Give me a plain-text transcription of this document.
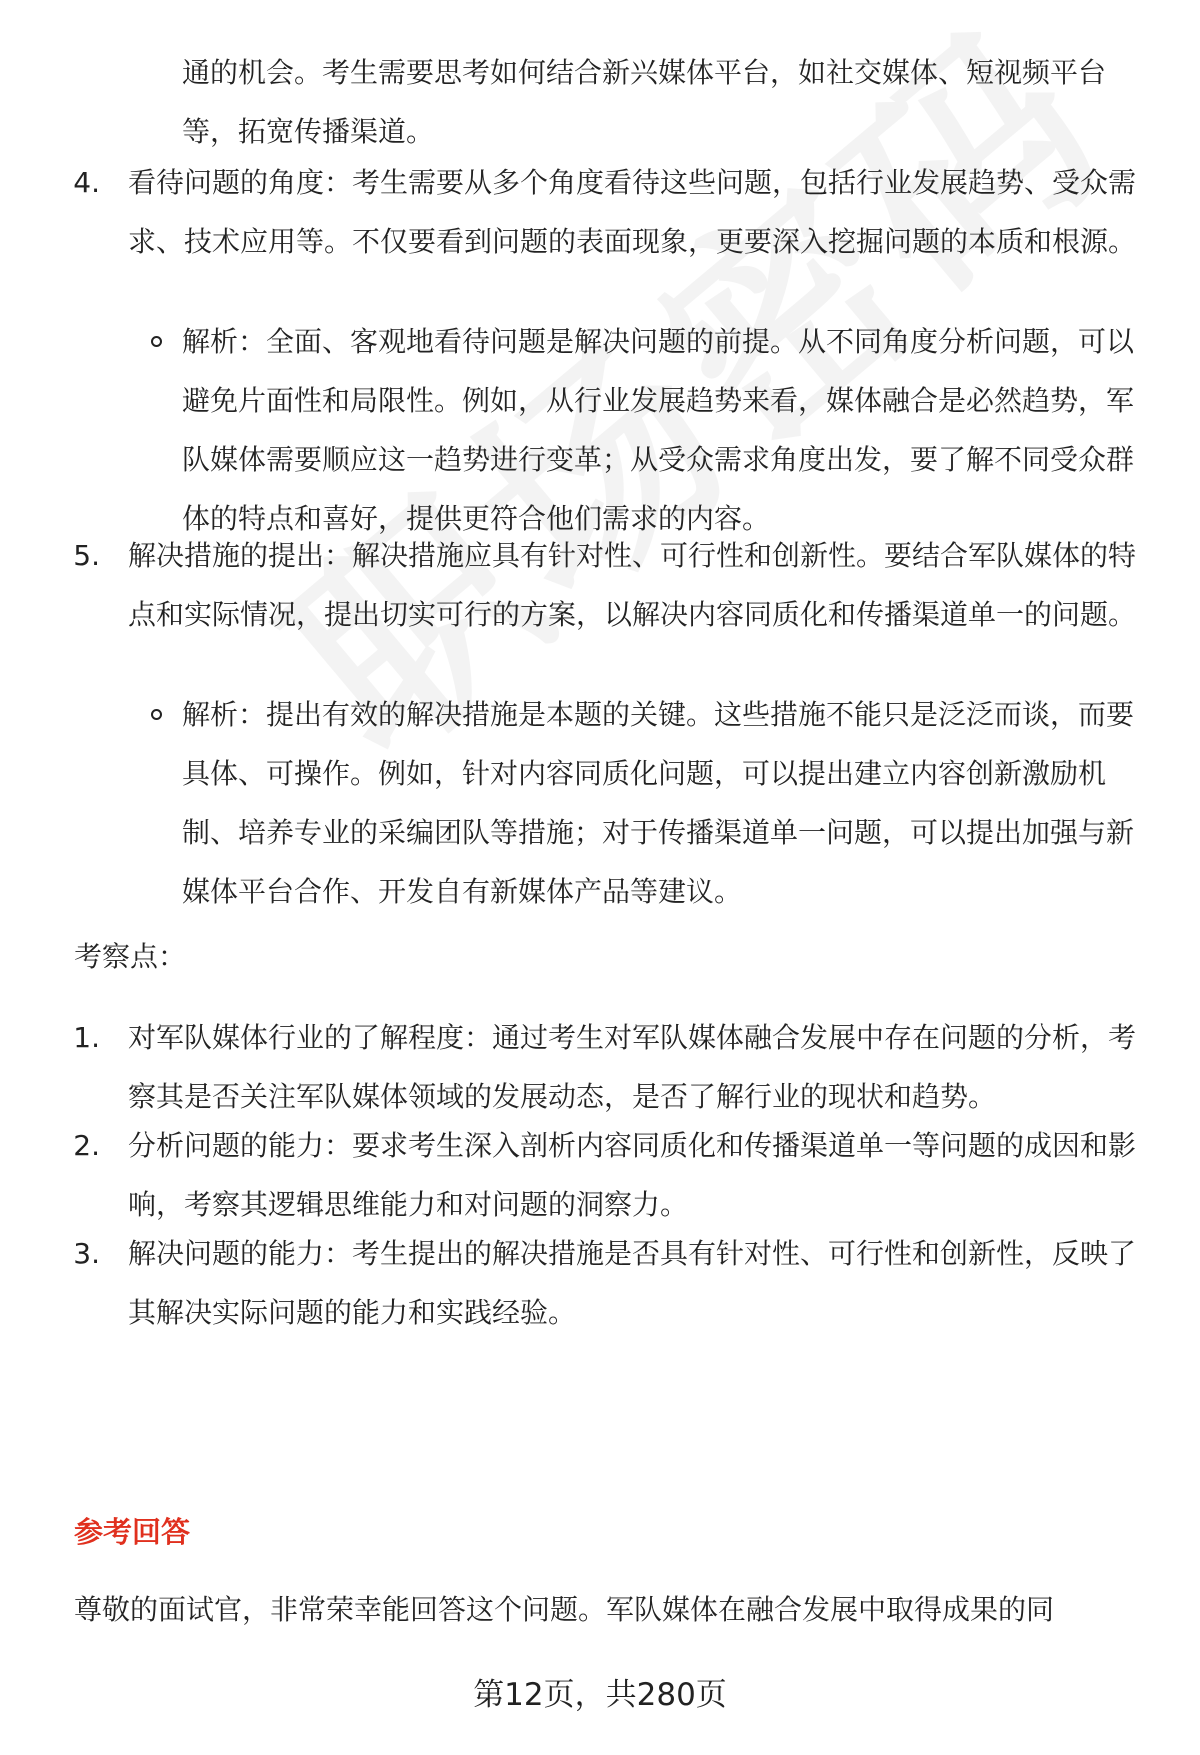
通的机会。考生需要思考如何结合新兴媒体平台，如社交媒体、短视频平台等，拓宽传播渠道。

4. 看待问题的角度：考生需要从多个角度看待这些问题，包括行业发展趋势、受众需求、技术应用等。不仅要看到问题的表面现象，更要深入挖掘问题的本质和根源。

解析：全面、客观地看待问题是解决问题的前提。从不同角度分析问题，可以避免片面性和局限性。例如，从行业发展趋势来看，媒体融合是必然趋势，军队媒体需要顺应这一趋势进行变革；从受众需求角度出发，要了解不同受众群体的特点和喜好，提供更符合他们需求的内容。

5. 解决措施的提出：解决措施应具有针对性、可行性和创新性。要结合军队媒体的特点和实际情况，提出切实可行的方案，以解决内容同质化和传播渠道单一的问题。

解析：提出有效的解决措施是本题的关键。这些措施不能只是泛泛而谈，而要具体、可操作。例如，针对内容同质化问题，可以提出建立内容创新激励机制、培养专业的采编团队等措施；对于传播渠道单一问题，可以提出加强与新媒体平台合作、开发自有新媒体产品等建议。

考察点：
1. 对军队媒体行业的了解程度：通过考生对军队媒体融合发展中存在问题的分析，考察其是否关注军队媒体领域的发展动态，是否了解行业的现状和趋势。

2. 分析问题的能力：要求考生深入剖析内容同质化和传播渠道单一等问题的成因和影响，考察其逻辑思维能力和对问题的洞察力。

3. 解决问题的能力：考生提出的解决措施是否具有针对性、可行性和创新性，反映了其解决实际问题的能力和实践经验。

参考回答
尊敬的面试官，非常荣幸能回答这个问题。军队媒体在融合发展中取得成果的同
第12页，共280页
